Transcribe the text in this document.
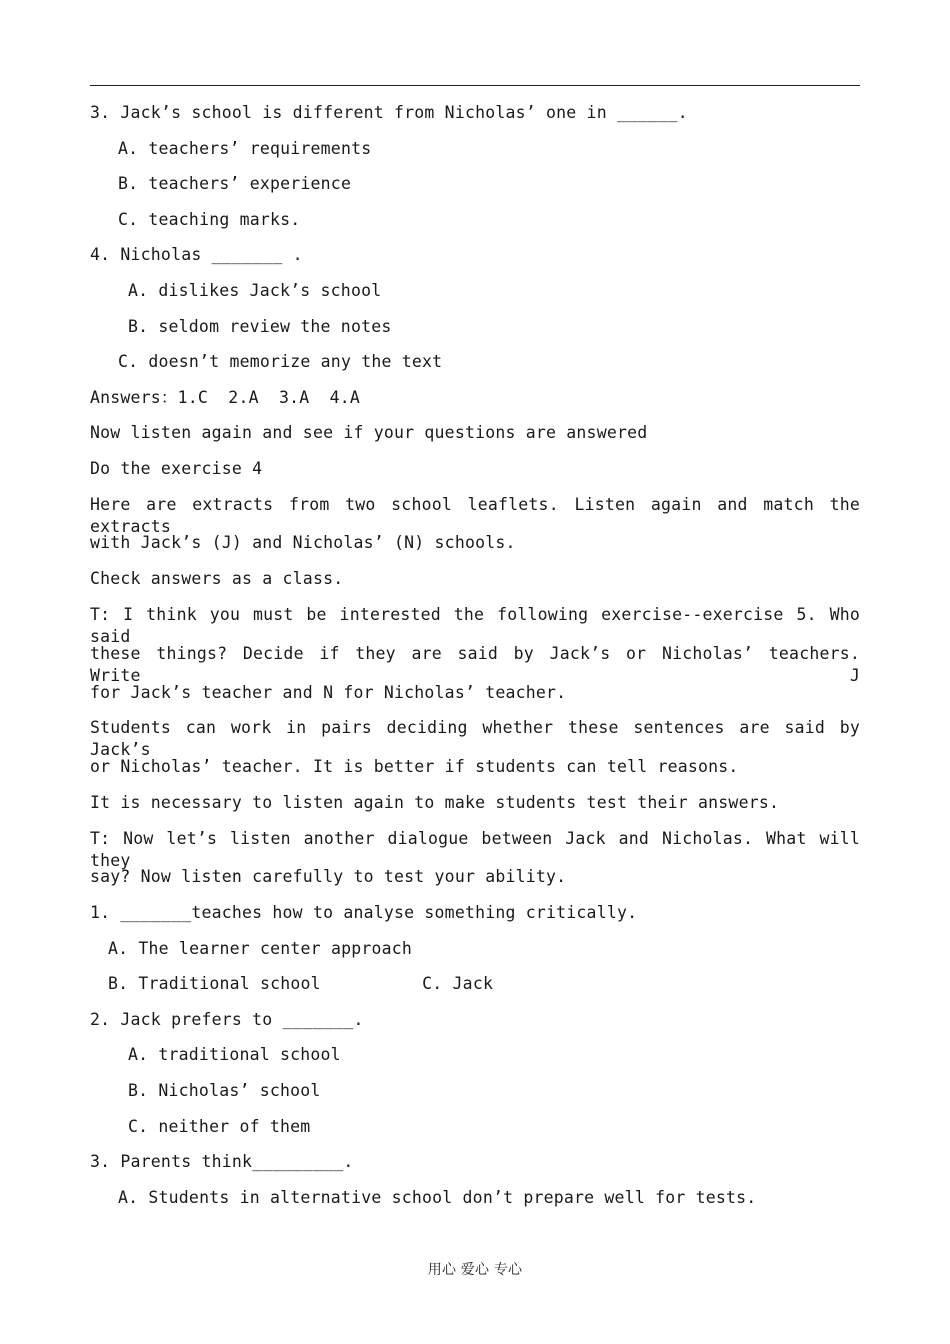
3. Jack’s school is different from Nicholas’ one in ______.
A. teachers’ requirements
B. teachers’ experience
C. teaching marks.
4. Nicholas _______ .
A. dislikes Jack’s school
B. seldom review the notes
C. doesn’t memorize any the text
Answers：1.C  2.A  3.A  4.A
Now listen again and see if your questions are answered
Do the exercise 4
Here are extracts from two school leaflets. Listen again and match the extracts
with Jack’s (J) and Nicholas’ (N) schools.
Check answers as a class.
T: I think you must be interested the following exercise--exercise 5. Who said
these things? Decide if they are said by Jack’s or Nicholas’ teachers. Write J
for Jack’s teacher and N for Nicholas’ teacher.
Students can work in pairs deciding whether these sentences are said by Jack’s
or Nicholas’ teacher. It is better if students can tell reasons.
It is necessary to listen again to make students test their answers.
T: Now let’s listen another dialogue between Jack and Nicholas. What will they
say? Now listen carefully to test your ability.
1. _______teaches how to analyse something critically.
A. The learner center approach
B. Traditional school          C. Jack
2. Jack prefers to _______.
A. traditional school
B. Nicholas’ school
C. neither of them
3. Parents think_________.
A. Students in alternative school don’t prepare well for tests.
用心 爱心 专心
